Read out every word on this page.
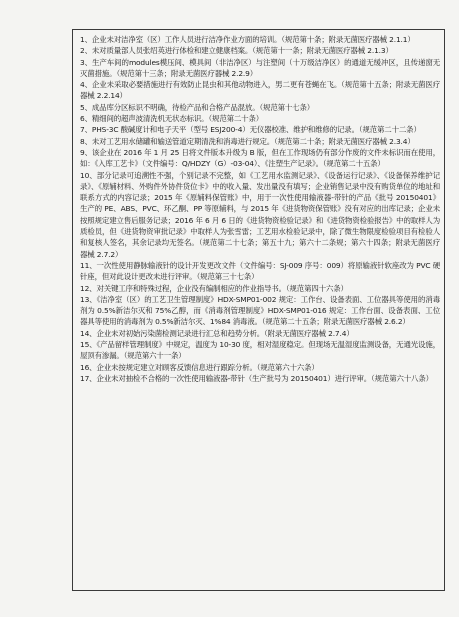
1、企业未对洁净室（区）工作人员进行洁净作业方面的培训。（规范第十条；附录无菌医疗器械 2.1.1）

2、未对质量部人员张绍英进行体检和建立健康档案。（规范第十一条；附录无菌医疗器械 2.1.3）

3、生产车间的modules模压间、模具间（非洁净区）与注塑间（十万级洁净区）的通道无缓冲区，且传递窗无灭菌措施。（规范第十三条；附录无菌医疗器械 2.2.9）

4、企业未采取必要措施进行有效防止昆虫和其他动物进入，男二更有苍蝇在飞。（规范第十五条；附录无菌医疗器械 2.2.14）

5、成品库分区标识不明确，待检产品和合格产品混放。（规范第十七条）

6、精细间的超声波清洗机无状态标识。（规范第二十条）

7、PHS-3C 酸碱度计和电子天平（型号 ESJ200-4）无仪器校准、维护和维修的记录。（规范第二十二条）

8、未对工艺用水储罐和输送管道定期清洗和消毒进行规定。（规范第二十条；附录无菌医疗器械 2.3.4）

9、该企业在 2016 年 1 月 25 日将文件版本升级为 B 版，但在工作现场仍有部分作废的文件未标识而在使用，如：《入库工艺卡》（文件编号：Q/HDZY（G）-03-04）、《注塑生产记录》。（规范第二十五条）

10、部分记录可追溯性不强，个别记录不完整，如《工艺用水监测记录》、《设备运行记录》、《设备保养维护记录》、《原辅材料、外购件外协件货位卡》中的收入量、发出量没有填写；企业销售记录中没有购货单位的地址和联系方式的内容记录；2015 年《原辅料保管账》中，用于一次性使用输液器-带针的产品《批号 20150401》生产的 PE、ABS、PVC、环乙酮、PP 等原辅料，与 2015 年《进货物资保管账》没有对应的出库记录；企业未按照规定建立售后服务记录；2016 年 6 月 6 日的《进货物资检验记录》和《进货物资检验报告》中的取样人为质检员，但《进货物资审批记录》中取样人为张雪雷；工艺用水检验记录中，除了微生物限度检验项目有检验人和复核人签名，其余记录均无签名。（规范第二十七条；第五十九；第六十二条规；第六十四条；附录无菌医疗器械 2.7.2）

11、一次性使用静脉输液针的设计开发更改文件（文件编号：SJ-009 序号：009）将原输液针软座改为 PVC 硬针座，但对此设计更改未进行评审。（规范第三十七条）

12、对关键工序和特殊过程，企业没有编制相应的作业指导书。（规范第四十六条）

13、《洁净室（区）的工艺卫生管理制度》HDX-SMP01-002 规定：工作台、设备表面、工位器具等使用的消毒剂为 0.5%新洁尔灭和 75%乙醇，而《消毒剂管理制度》HDX-SMP01-016 规定：工作台面、设备表面、工位器具等使用的消毒剂为 0.5%新洁尔灭、1%84 消毒液。（规范第二十五条；附录无菌医疗器械 2.6.2）

14、企业未对初始污染菌检测记录进行汇总和趋势分析。（附录无菌医疗器械 2.7.4）

15、《产品留样管理制度》中规定，温度为 10-30 度，相对湿度稳定。但现场无温湿度监测设备，无通光设施，屋顶有渗漏。（规范第六十一条）

16、企业未按规定建立对顾客反馈信息进行跟踪分析。（规范第六十六条）

17、企业未对抽检不合格的一次性使用输液器-带针（生产批号为 20150401）进行评审。（规范第六十八条）
